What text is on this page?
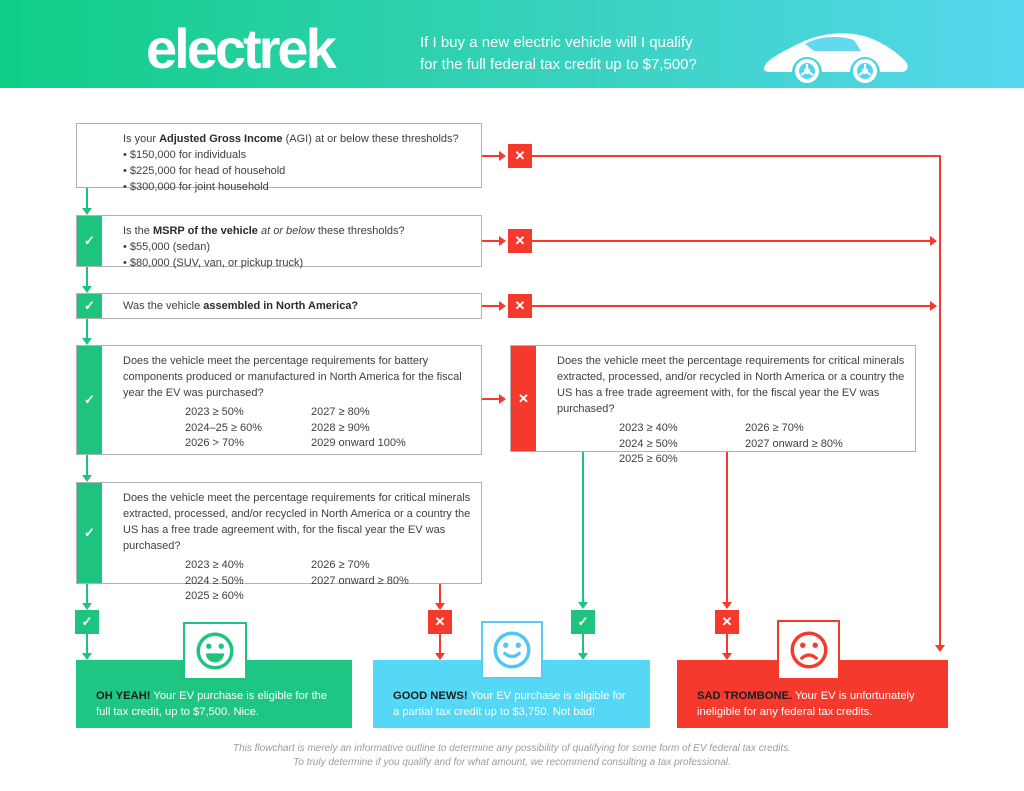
electrek	If I buy a new electric vehicle will I qualify
for the full federal tax credit up to $7,500?
Is your Adjusted Gross Income (AGI) at or below these thresholds?
• $150,000 for individuals
• $225,000 for head of household
• $300,000 for joint household
✓
Is the MSRP of the vehicle at or below these thresholds?
• $55,000 (sedan)
• $80,000 (SUV, van, or pickup truck)
✓	Was the vehicle assembled in North America?
✓
Does the vehicle meet the percentage requirements for battery components produced or manufactured in North America for the fiscal year the EV was purchased?
2023 ≥ 50%	2027 ≥ 80%
2024–25 ≥ 60%	2028 ≥ 90%
2026 > 70%	2029 onward 100%
✕
Does the vehicle meet the percentage requirements for critical minerals extracted, processed, and/or recycled in North America or a country the US has a free trade agreement with, for the fiscal year the EV was purchased?
2023 ≥ 40%	2026 ≥ 70%
2024 ≥ 50%	2027 onward ≥ 80%
2025 ≥ 60%
✓
Does the vehicle meet the percentage requirements for critical minerals extracted, processed, and/or recycled in North America or a country the US has a free trade agreement with, for the fiscal year the EV was purchased?
2023 ≥ 40%	2026 ≥ 70%
2024 ≥ 50%	2027 onward ≥ 80%
2025 ≥ 60%
✓
✕
✕
✕
✕	✓	✕
OH YEAH! Your EV purchase is eligible for the full tax credit, up to $7,500. Nice.
GOOD NEWS! Your EV purchase is eligible for a partial tax credit up to $3,750. Not bad!
SAD TROMBONE. Your EV is unfortunately ineligible for any federal tax credits.
This flowchart is merely an informative outline to determine any possibility of qualifying for some form of EV federal tax credits.
To truly determine if you qualify and for what amount, we recommend consulting a tax professional.
